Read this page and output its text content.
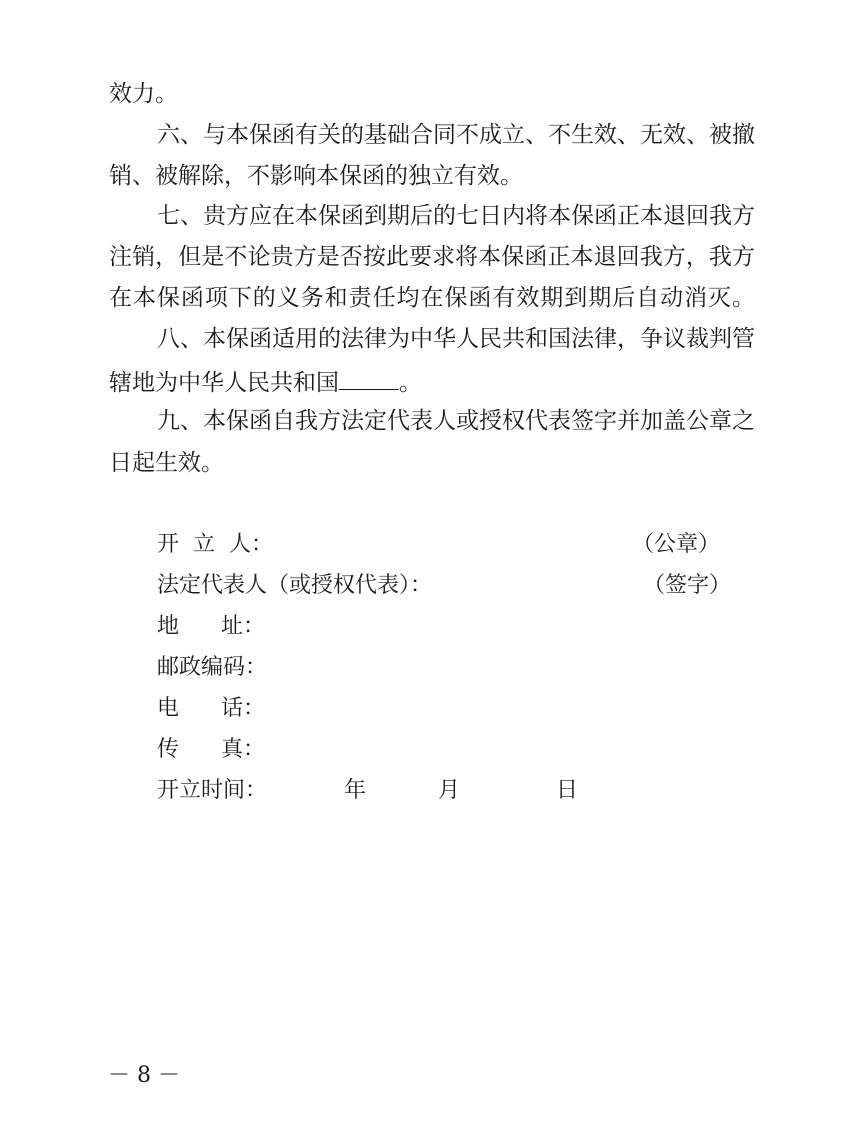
效力。
六、与本保函有关的基础合同不成立、不生效、无效、被撤
销、被解除，不影响本保函的独立有效。
七、贵方应在本保函到期后的七日内将本保函正本退回我方
注销，但是不论贵方是否按此要求将本保函正本退回我方，我方
在本保函项下的义务和责任均在保函有效期到期后自动消灭。
八、本保函适用的法律为中华人民共和国法律，争议裁判管
辖地为中华人民共和国	。
九、本保函自我方法定代表人或授权代表签字并加盖公章之
日起生效。
开  立  人：	（公章）
法定代表人（或授权代表）：	（签字）
地      址：
邮政编码：
电      话：
传      真：
开立时间：	年	月	日
－ 8 －
